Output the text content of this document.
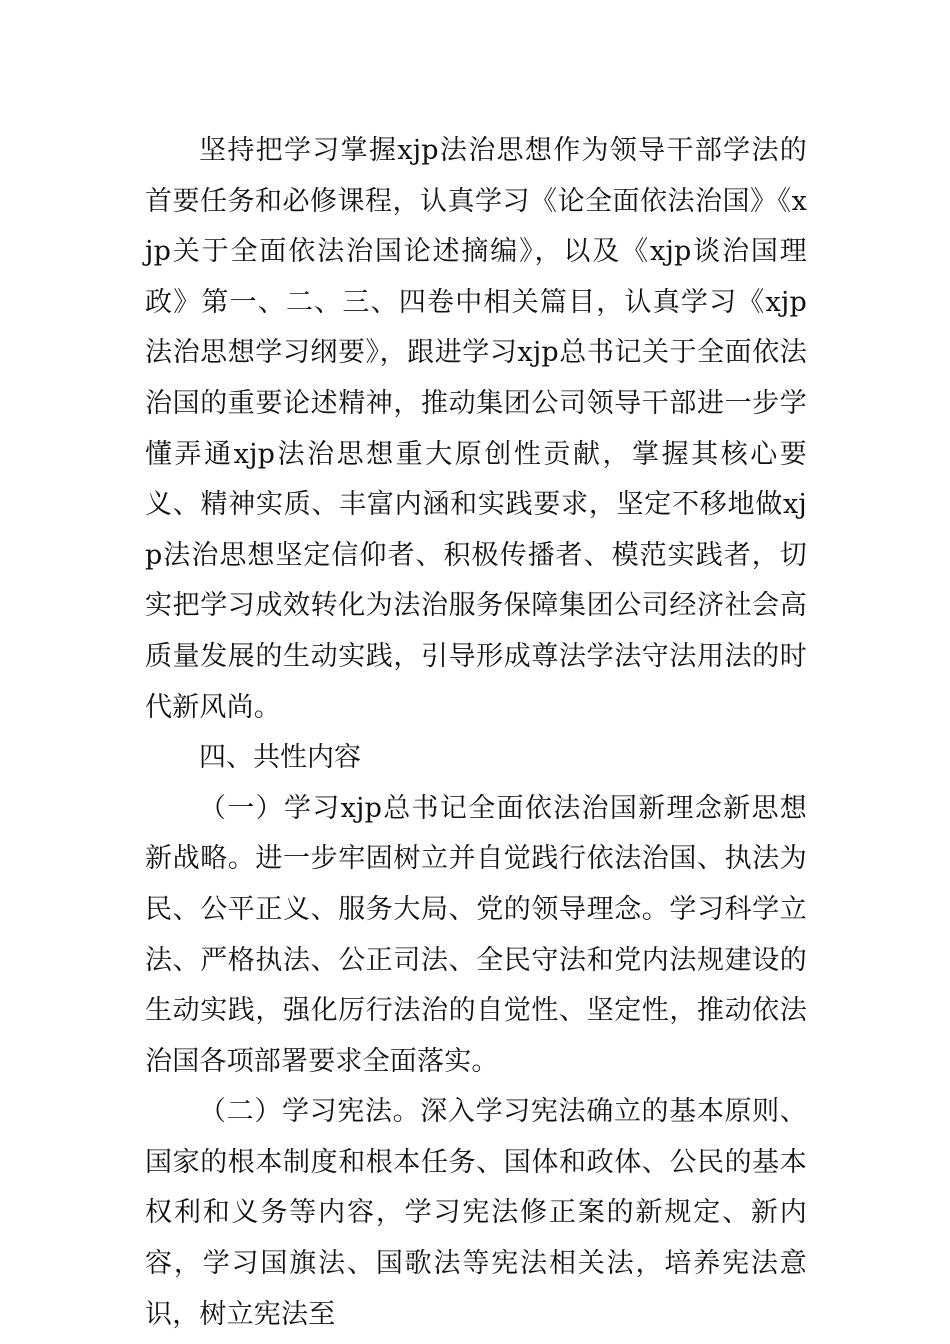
坚持把学习掌握xjp法治思想作为领导干部学法的首要任务和必修课程，认真学习《论全面依法治国》《xjp关于全面依法治国论述摘编》，以及《xjp谈治国理政》第一、二、三、四卷中相关篇目，认真学习《xjp法治思想学习纲要》，跟进学习xjp总书记关于全面依法治国的重要论述精神，推动集团公司领导干部进一步学懂弄通xjp法治思想重大原创性贡献，掌握其核心要义、精神实质、丰富内涵和实践要求，坚定不移地做xjp法治思想坚定信仰者、积极传播者、模范实践者，切实把学习成效转化为法治服务保障集团公司经济社会高质量发展的生动实践，引导形成尊法学法守法用法的时代新风尚。

四、共性内容

（一）学习xjp总书记全面依法治国新理念新思想新战略。进一步牢固树立并自觉践行依法治国、执法为民、公平正义、服务大局、党的领导理念。学习科学立法、严格执法、公正司法、全民守法和党内法规建设的生动实践，强化厉行法治的自觉性、坚定性，推动依法治国各项部署要求全面落实。

（二）学习宪法。深入学习宪法确立的基本原则、国家的根本制度和根本任务、国体和政体、公民的基本权利和义务等内容，学习宪法修正案的新规定、新内容，学习国旗法、国歌法等宪法相关法，培养宪法意识，树立宪法至
